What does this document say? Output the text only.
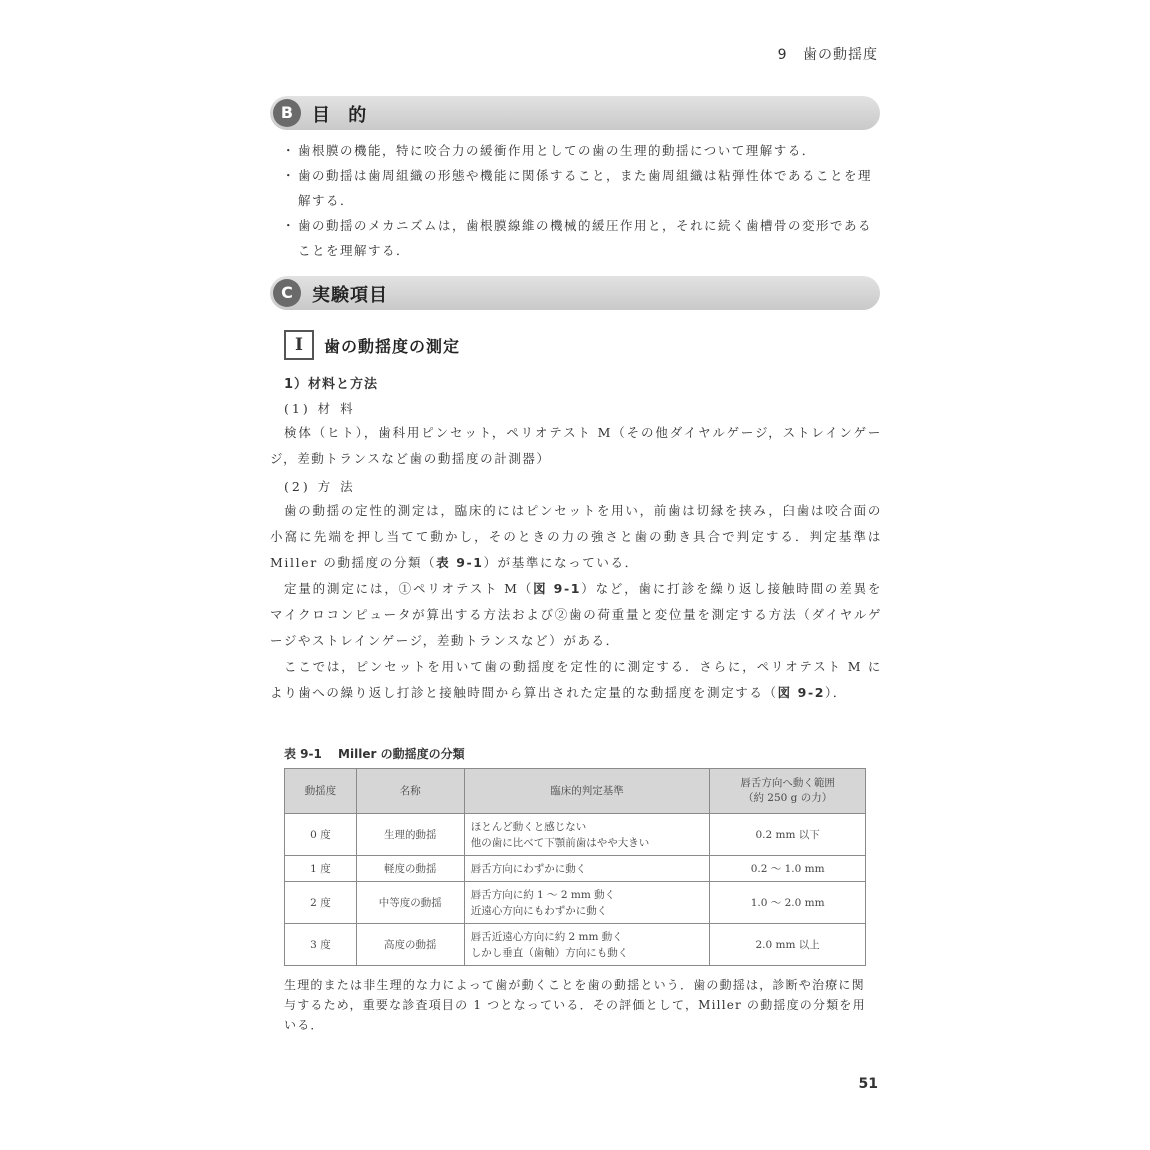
9 歯の動揺度
B	目 的
・ 歯根膜の機能，特に咬合力の緩衝作用としての歯の生理的動揺について理解する．
・ 歯の動揺は歯周組織の形態や機能に関係すること，また歯周組織は粘弾性体であることを理解する．
・ 歯の動揺のメカニズムは，歯根膜線維の機械的緩圧作用と，それに続く歯槽骨の変形であることを理解する．
C	実験項目
I	歯の動揺度の測定
1）材料と方法
(1) 材 料

検体（ヒト），歯科用ピンセット，ペリオテスト M（その他ダイヤルゲージ，ストレインゲージ，差動トランスなど歯の動揺度の計測器）

(2) 方 法

歯の動揺の定性的測定は，臨床的にはピンセットを用い，前歯は切縁を挟み，臼歯は咬合面の小窩に先端を押し当てて動かし，そのときの力の強さと歯の動き具合で判定する．判定基準は Miller の動揺度の分類（表 9-1）が基準になっている．

定量的測定には，①ペリオテスト M（図 9-1）など，歯に打診を繰り返し接触時間の差異をマイクロコンピュータが算出する方法および②歯の荷重量と変位量を測定する方法（ダイヤルゲージやストレインゲージ，差動トランスなど）がある．

ここでは，ピンセットを用いて歯の動揺度を定性的に測定する．さらに，ペリオテスト M により歯への繰り返し打診と接触時間から算出された定量的な動揺度を測定する（図 9-2）．

表 9-1 Miller の動揺度の分類
動揺度	名称	臨床的判定基準	唇舌方向へ動く範囲
（約 250 g の力）

0 度	生理的動揺	ほとんど動くと感じない
他の歯に比べて下顎前歯はやや大きい	0.2 mm 以下
1 度	軽度の動揺	唇舌方向にわずかに動く	0.2 ～ 1.0 mm
2 度	中等度の動揺	唇舌方向に約 1 ～ 2 mm 動く
近遠心方向にもわずかに動く	1.0 ～ 2.0 mm
3 度	高度の動揺	唇舌近遠心方向に約 2 mm 動く
しかし垂直（歯軸）方向にも動く	2.0 mm 以上

生理的または非生理的な力によって歯が動くことを歯の動揺という．歯の動揺は，診断や治療に関与するため，重要な診査項目の 1 つとなっている．その評価として，Miller の動揺度の分類を用いる．

51
